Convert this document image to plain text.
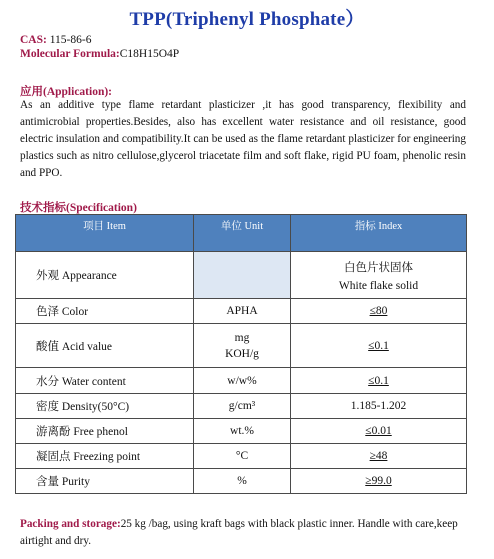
TPP(Triphenyl Phosphate）
CAS: 115-86-6
Molecular Formula:C18H15O4P
应用(Application):
As an additive type flame retardant plasticizer ,it has good transparency, flexibility and antimicrobial properties.Besides, also has excellent water resistance and oil resistance, good electric insulation and compatibility.It can be used as the flame retardant plasticizer for engineering plastics such as nitro cellulose,glycerol triacetate film and soft flake, rigid PU foam, phenolic resin and PPO.
技术指标(Specification)
项目 Item	单位 Unit	指标 Index
外观 Appearance		白色片状固体
White flake solid

色泽 Color	APHA	≤80
酸值 Acid value	mg
KOH/g	≤0.1
水分 Water content	w/w%	≤0.1
密度 Density(50°C)	g/cm³	1.185-1.202
游离酚 Free phenol	wt.%	≤0.01
凝固点 Freezing point	°C	≥48
含量 Purity	%	≥99.0
Packing and storage:25 kg /bag, using kraft bags with black plastic inner. Handle with care,keep airtight and dry.
